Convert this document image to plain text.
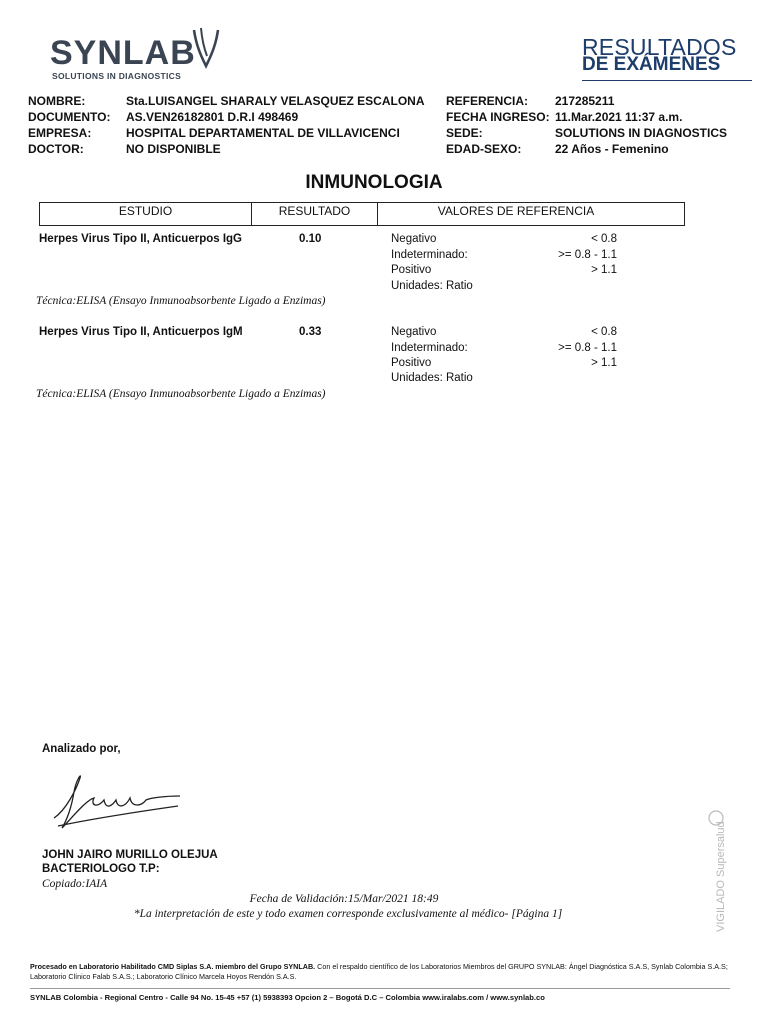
SYNLAB
SOLUTIONS IN DIAGNOSTICS
RESULTADOS
DE EXÁMENES
NOMBRE:	Sta.LUISANGEL SHARALY VELASQUEZ ESCALONA
DOCUMENTO: AS.VEN26182801 D.R.I 498469
EMPRESA:	HOSPITAL DEPARTAMENTAL DE VILLAVICENCI
DOCTOR:	NO DISPONIBLE
REFERENCIA: 217285211
FECHA INGRESO: 11.Mar.2021 11:37 a.m.
SEDE:	SOLUTIONS IN DIAGNOSTICS
EDAD-SEXO:	22 Años - Femenino
INMUNOLOGIA
ESTUDIO	RESULTADO	VALORES DE REFERENCIA
Herpes Virus Tipo II, Anticuerpos IgG	0.10	Negativo	< 0.8
Indeterminado:	>= 0.8 - 1.1
Positivo	> 1.1
Unidades: Ratio
Técnica:ELISA (Ensayo Inmunoabsorbente Ligado a Enzimas)
Herpes Virus Tipo II, Anticuerpos IgM	0.33	Negativo	< 0.8
Indeterminado:	>= 0.8 - 1.1
Positivo	> 1.1
Unidades: Ratio
Técnica:ELISA (Ensayo Inmunoabsorbente Ligado a Enzimas)
Analizado por,
JOHN JAIRO MURILLO OLEJUA
BACTERIOLOGO T.P:
Copiado:IAIA
Fecha de Validación:15/Mar/2021 18:49
*La interpretación de este y todo examen corresponde exclusivamente al médico- [Página 1]	VIGILADO Supersalud
Procesado en Laboratorio Habilitado CMD Siplas S.A. miembro del Grupo SYNLAB. Con el respaldo científico de los Laboratorios Miembros del GRUPO SYNLAB: Ángel Diagnóstica S.A.S, Synlab Colombia S.A.S; Laboratorio Clínico Falab S.A.S.; Laboratorio Clínico Marcela Hoyos Rendón S.A.S.
SYNLAB Colombia - Regional Centro - Calle 94 No. 15-45 +57 (1) 5938393 Opcion 2 – Bogotá D.C – Colombia www.iralabs.com / www.synlab.co
